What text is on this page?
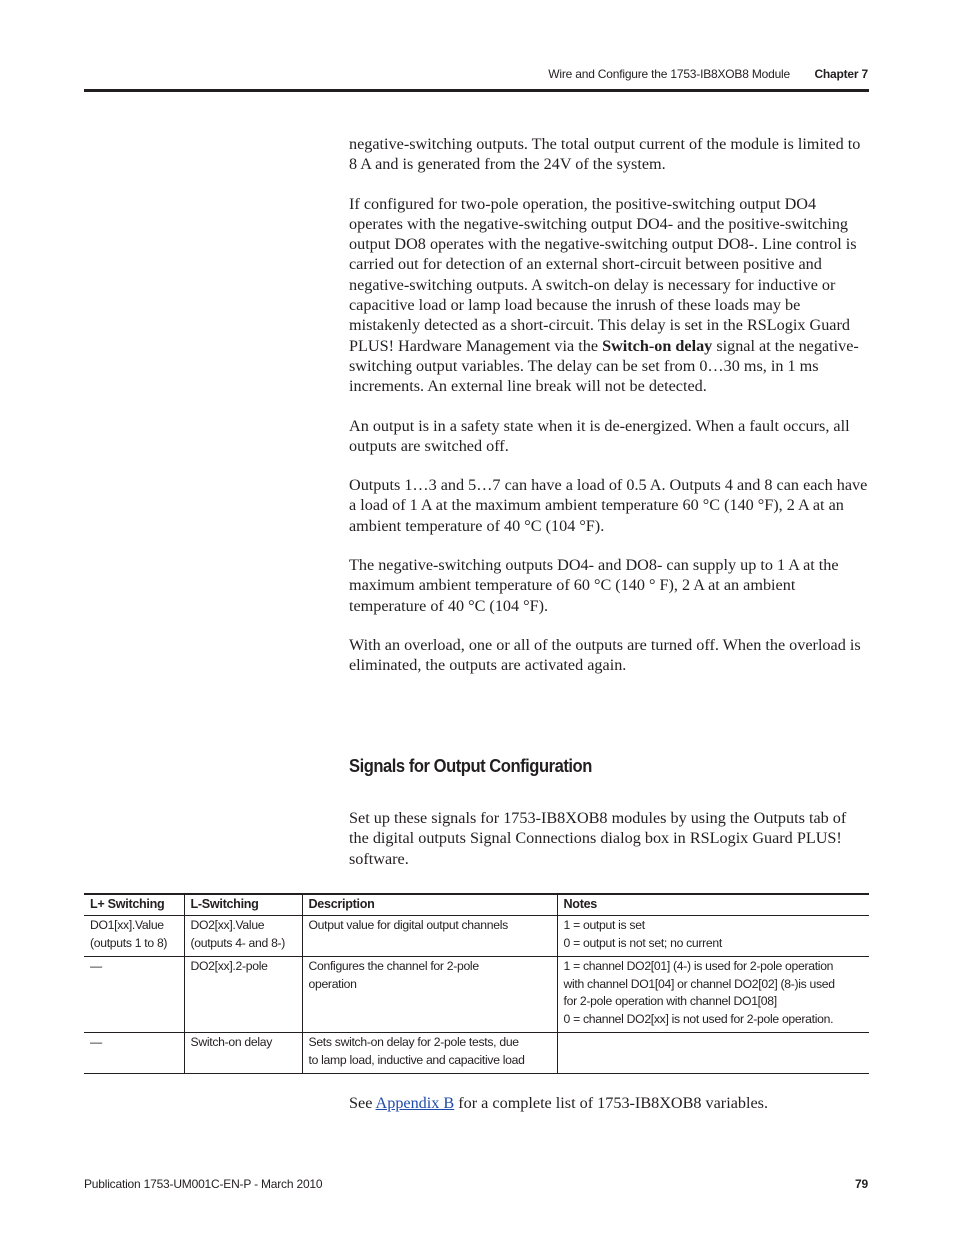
Wire and Configure the 1753-IB8XOB8 Module Chapter 7

negative-switching outputs. The total output current of the module is limited to 8 A and is generated from the 24V of the system.

If configured for two-pole operation, the positive-switching output DO4 operates with the negative-switching output DO4- and the positive-switching output DO8 operates with the negative-switching output DO8-. Line control is carried out for detection of an external short-circuit between positive and negative-switching outputs. A switch-on delay is necessary for inductive or capacitive load or lamp load because the inrush of these loads may be mistakenly detected as a short-circuit. This delay is set in the RSLogix Guard PLUS! Hardware Management via the Switch-on delay signal at the negative-switching output variables. The delay can be set from 0…30 ms, in 1 ms increments. An external line break will not be detected.

An output is in a safety state when it is de-energized. When a fault occurs, all outputs are switched off.

Outputs 1…3 and 5…7 can have a load of 0.5 A. Outputs 4 and 8 can each have a load of 1 A at the maximum ambient temperature 60 °C (140 °F), 2 A at an ambient temperature of 40 °C (104 °F).

The negative-switching outputs DO4- and DO8- can supply up to 1 A at the maximum ambient temperature of 60 °C (140 ° F), 2 A at an ambient temperature of 40 °C (104 °F).

With an overload, one or all of the outputs are turned off. When the overload is eliminated, the outputs are activated again.

Signals for Output Configuration

Set up these signals for 1753-IB8XOB8 modules by using the Outputs tab of the digital outputs Signal Connections dialog box in RSLogix Guard PLUS! software.

L+ Switching	L-Switching	Description	Notes

DO1[xx].Value
(outputs 1 to 8)	DO2[xx].Value
(outputs 4- and 8-)	Output value for digital output channels	1 = output is set
0 = output is not set; no current

—	DO2[xx].2-pole	Configures the channel for 2-pole
operation	1 = channel DO2[01] (4-) is used for 2-pole operation
with channel DO1[04] or channel DO2[02] (8-)is used
for 2-pole operation with channel DO1[08]
0 = channel DO2[xx] is not used for 2-pole operation.

—	Switch-on delay	Sets switch-on delay for 2-pole tests, due
to lamp load, inductive and capacitive load	

See Appendix B for a complete list of 1753-IB8XOB8 variables.

Publication 1753-UM001C-EN-P - March 2010	79
